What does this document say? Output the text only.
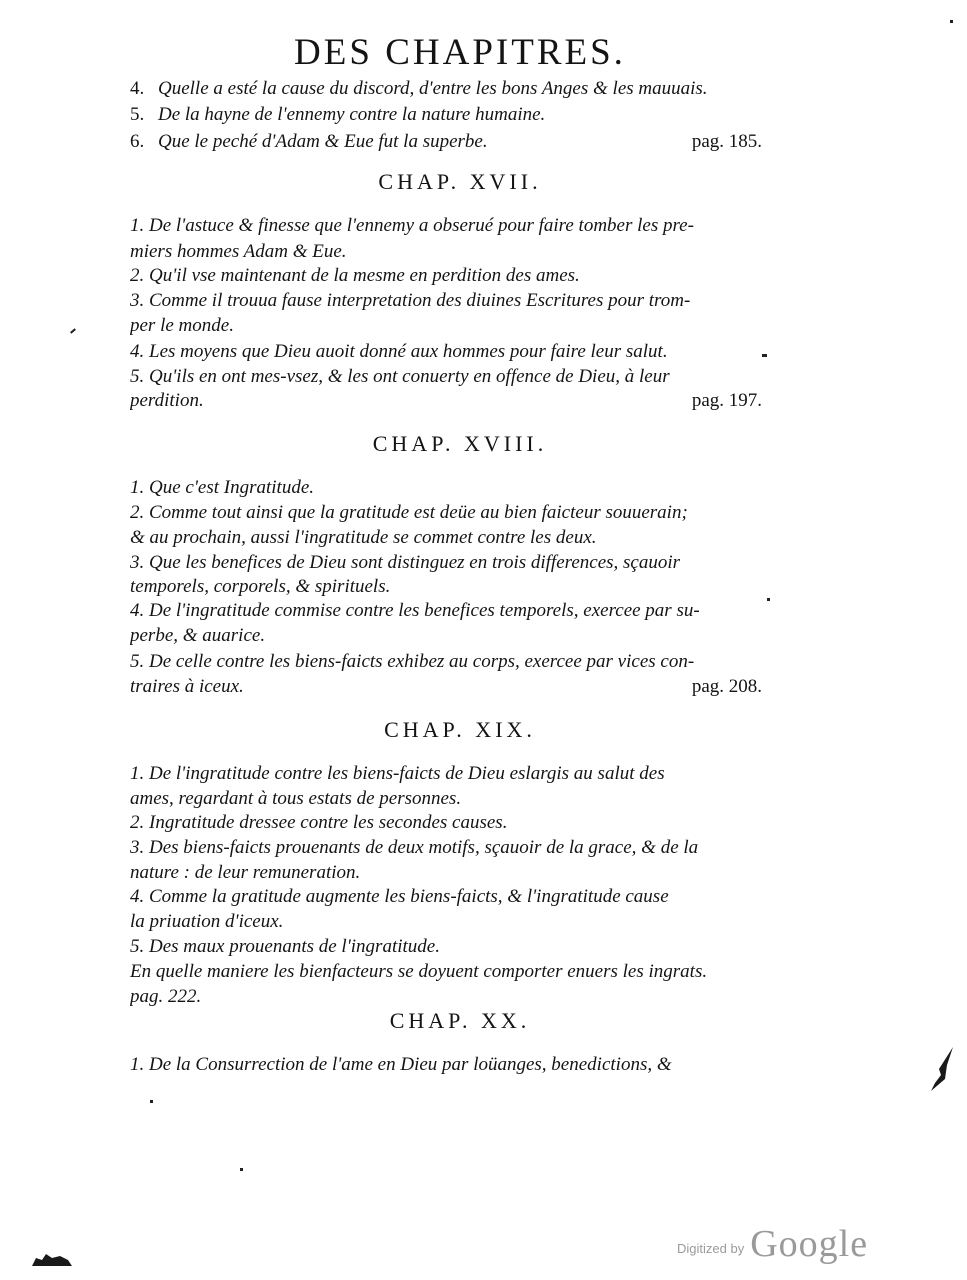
DES CHAPITRES.
4. Quelle a esté la cause du discord, d'entre les bons Anges & les mauuais.
5. De la hayne de l'ennemy contre la nature humaine.
6. Que le peché d'Adam & Eue fut la superbe.	pag. 185.
CHAP. XVII.
1. De l'astuce & finesse que l'ennemy a obserué pour faire tomber les pre-
miers hommes Adam & Eue.
2. Qu'il vse maintenant de la mesme en perdition des ames.
3. Comme il trouua fause interpretation des diuines Escritures pour trom-
per le monde.
4. Les moyens que Dieu auoit donné aux hommes pour faire leur salut.
5. Qu'ils en ont mes-vsez, & les ont conuerty en offence de Dieu, à leur
perdition.	pag. 197.
CHAP. XVIII.
1. Que c'est Ingratitude.
2. Comme tout ainsi que la gratitude est deüe au bien faicteur souuerain;
& au prochain, aussi l'ingratitude se commet contre les deux.
3. Que les benefices de Dieu sont distinguez en trois differences, sçauoir
temporels, corporels, & spirituels.
4. De l'ingratitude commise contre les benefices temporels, exercee par su-
perbe, & auarice.
5. De celle contre les biens-faicts exhibez au corps, exercee par vices con-
traires à iceux.	pag. 208.
CHAP. XIX.
1. De l'ingratitude contre les biens-faicts de Dieu eslargis au salut des
ames, regardant à tous estats de personnes.
2. Ingratitude dressee contre les secondes causes.
3. Des biens-faicts prouenants de deux motifs, sçauoir de la grace, & de la
nature : de leur remuneration.
4. Comme la gratitude augmente les biens-faicts, & l'ingratitude cause
la priuation d'iceux.
5. Des maux prouenants de l'ingratitude.
En quelle maniere les bienfacteurs se doyuent comporter enuers les ingrats.
pag. 222.
CHAP. XX.
1. De la Consurrection de l'ame en Dieu par loüanges, benedictions, &
Digitized by Google
